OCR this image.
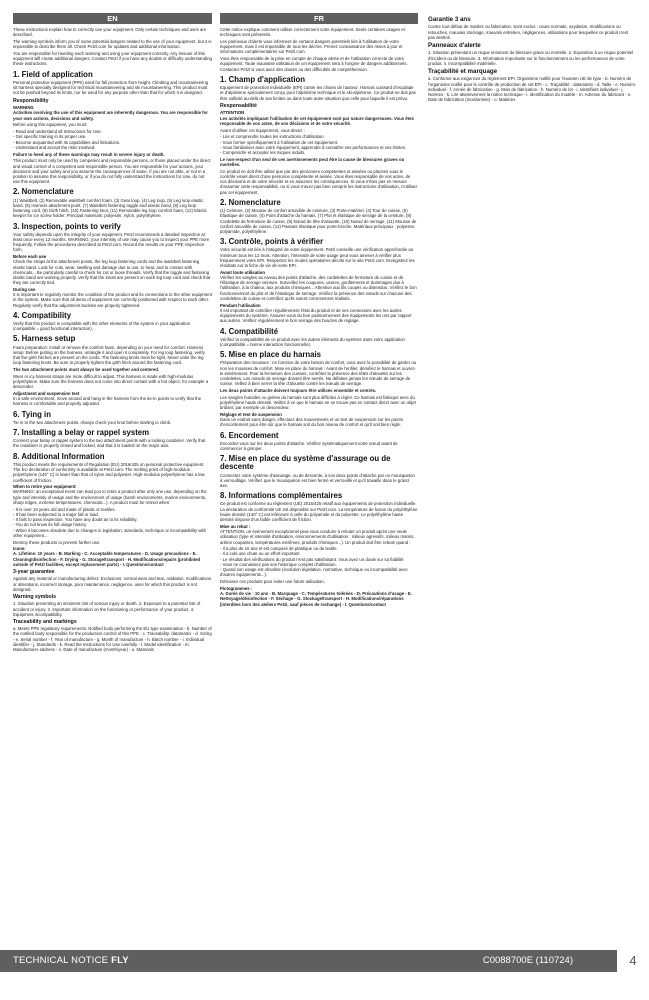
EN

These instructions explain how to correctly use your equipment. Only certain techniques and uses are described.

The warning symbols inform you of some potential dangers related to the use of your equipment, but it is impossible to describe them all. Check Petzl.com for updates and additional information.

You are responsible for heeding each warning and using your equipment correctly. Any misuse of this equipment will create additional dangers. Contact Petzl if you have any doubts or difficulty understanding these instructions.

1. Field of application

Personal protective equipment (PPE) used for fall protection from height. Climbing and mountaineering sit harness specially designed for technical mountaineering and ski mountaineering. This product must not be pushed beyond its limits, nor be used for any purpose other than that for which it is designed.

Responsibility
WARNING

Activities involving the use of this equipment are inherently dangerous. You are responsible for your own actions, decisions and safety.

Before using this equipment, you must:

- Read and understand all Instructions for Use.

- Get specific training in its proper use.

- Become acquainted with its capabilities and limitations.

- Understand and accept the risks involved.

Failure to heed any of these warnings may result in severe injury or death.

This product must only be used by competent and responsible persons, or those placed under the direct and visual control of a competent and responsible person. You are responsible for your actions, your decisions and your safety and you assume the consequences of same. If you are not able, or not in a position to assume this responsibility, or if you do not fully understand the Instructions for Use, do not use this equipment.

2. Nomenclature

(1) Waistbelt, (2) Removable waistbelt comfort foam, (3) Gear loop, (4) Leg loop, (5) Leg loop elastic band, (6) Harness attachment point, (7) Waistbelt fastening toggle and elastic band, (8) Leg loop fastening cord, (9) Girth hitch, (10) Fastening knot, (11) Removable leg loop comfort foam, (12) Elastic keeper for ice screw holder. Principal materials: polyester, nylon, polyethylene.

3. Inspection, points to verify

Your safety depends upon the integrity of your equipment. Petzl recommends a detailed inspection at least once every 12 months. WARNING: your intensity of use may cause you to inspect your PPE more frequently. Follow the procedures described at Petzl.com. Record the results on your PPE inspection form.

Before each use

Check the straps at the attachment points, the leg loop fastening cords and the waistbelt fastening elastic band. Look for cuts, wear, swelling and damage due to use, to heat, and to contact with chemicals... Be particularly careful to check for cut or loose threads. Verify that the toggle and fastening elastic band are working properly. Verify that the knots are present on each leg loop cord and check that they are correctly tied.

During use

It is important to regularly monitor the condition of the product and its connections to the other equipment in the system. Make sure that all items of equipment are correctly positioned with respect to each other. Regularly verify that the adjustment buckles are properly tightened.

4. Compatibility

Verify that this product is compatible with the other elements of the system in your application (compatible = good functional interaction).

5. Harness setup

Foam preparation: install or remove the comfort foam, depending on your need for comfort. Harness setup: Before putting on the harness, untangle it and open it completely. For leg loop fastening, verify that the girth hitches are present on the cords. The fastening knots must be tight. Never untie the leg loop fastening knots. Be sure to properly tighten the girth hitch around the fastening cord.

The two attachment points must always be used together and centered.

Wear or icy harness straps are more difficult to adjust. This harness is made with high-modulus polyethylene. Make sure the harness does not come into direct contact with a hot object, for example a descender.

Adjustment and suspension test

In a safe environment, move around and hang in the harness from the tie-in points to verify that the harness is comfortable and properly adjusted.

6. Tying in

Tie in to the two attachment points. Always check your knot before starting to climb.

7. Installing a belay or rappel system

Connect your belay or rappel system to the two attachment points with a locking carabiner. Verify that the carabiner is properly closed and locked, and that it is loaded on the major axis.

8. Additional Information

This product meets the requirements of Regulation (EU) 2016/425 on personal protective equipment. The EU declaration of conformity is available at Petzl.com. The melting point of high-modulus polyethylene (140° C) is lower than that of nylon and polyester. High-modulus polyethylene has a low coefficient of friction.

When to retire your equipment:

WARNING: an exceptional event can lead you to retire a product after only one use, depending on the type and intensity of usage and the environment of usage (harsh environments, marine environments, sharp edges, extreme temperatures, chemicals...). A product must be retired when:

- It is over 10 years old and made of plastic or textiles.

- It has been subjected to a major fall or load.

- It fails to pass inspection. You have any doubt as to its reliability.

- You do not know its full usage history.

- When it becomes obsolete due to changes in legislation, standards, technique or incompatibility with other equipment...

Destroy these products to prevent further use.

Icons:

A. Lifetime: 10 years - B. Marking - C. Acceptable temperatures - D. Usage precautions - E. Cleaning/disinfection - F. Drying - G. Storage/transport - H. Modifications/repairs (prohibited outside of Petzl facilities, except replacement parts) - I. Questions/contact

3-year guarantee

Against any material or manufacturing defect. Exclusions: normal wear and tear, oxidation, modifications or alterations, incorrect storage, poor maintenance, negligence, uses for which this product is not designed.

Warning symbols

1. Situation presenting an imminent risk of serious injury or death. 2. Exposure to a potential risk of accident or injury. 3. Important information on the functioning or performance of your product. 4. Equipment incompatibility.

Traceability and markings

a. Meets PPE regulatory requirements. Notified body performing the EU type examination - b. Number of the notified body responsible for the production control of this PPE - c. Traceability: datamatrix - d. Sizing - e. Serial number - f. Year of manufacture - g. Month of manufacture - h. Batch number - i. Individual identifier - j. Standards - k. Read the Instructions for Use carefully - l. Model identification - m. Manufacturer address - n. Date of manufacture (month/year) - o. Materials

FR

Cette notice explique comment utiliser correctement votre équipement. Seuls certaines usages et techniques sont présentés.

Les panneaux d'alerte vous informent de certains dangers potentiels liés à l'utilisation de votre équipement, mais il est impossible de tous les décrire. Prenez connaissance des mises à jour et informations complémentaires sur Petzl.com.

Vous êtes responsable de la prise en compte de chaque alerte et de l'utilisation correcte de votre équipement. Toute mauvaise utilisation de cet équipement sera à l'origine de dangers additionnels. Contactez Petzl si vous avez des doutes ou des difficultés de compréhension.

1. Champ d'application

Equipement de protection individuelle (EPI) contre les chutes de hauteur. Harnais cuissard d'escalade et d'alpinisme spécialement conçu pour l'alpinisme technique et le ski-alpinisme. Ce produit ne doit pas être sollicité au-delà de ses limites ou dans toute autre situation que celle pour laquelle il est prévu.

Responsabilité
ATTENTION

Les activités impliquant l'utilisation de cet équipement sont par nature dangereuses. Vous êtes responsable de vos actes, de vos décisions et de votre sécurité.

Avant d'utiliser cet équipement, vous devez :

- Lire et comprendre toutes les instructions d'utilisation.

- Vous former spécifiquement à l'utilisation de cet équipement.

- Vous familiariser avec votre équipement, apprendre à connaître ses performances et ses limites.

- Comprendre et accepter les risques induits.

Le non-respect d'un seul de ces avertissements peut être la cause de blessures graves ou mortelles.

Ce produit ne doit être utilisé que par des personnes compétentes et avisées ou placées sous le contrôle visuel direct d'une personne compétente et avisée. Vous êtes responsable de vos actes, de vos décisions et de votre sécurité et en assumez les conséquences. Si vous n'êtes pas en mesure d'assumer cette responsabilité, ou si vous n'avez pas bien compris les instructions d'utilisation, n'utilisez pas cet équipement.

2. Nomenclature

(1) Ceinture, (2) Mousse de confort amovible de ceinture, (3) Porte-matériel, (4) Tour de cuisse, (5) Elastique de cuisse, (6) Point d'attache du harnais, (7) Plot et élastique de serrage de la ceinture, (8) Cordelette de fermeture de cuisse, (9) Nœud de tête d'alouette, (10) Nœud de serrage, (11) Mousse de confort amovible de cuisse, (12) Passant élastique pour porte-broche. Matériaux principaux : polyester, polyamide, polyéthylène.

3. Contrôle, points à vérifier

Votre sécurité est liée à l'intégrité de votre équipement. Petzl conseille une vérification approfondie au minimum tous les 12 mois. Attention, l'intensité de votre usage peut vous amener à vérifier plus fréquemment votre EPI. Respectez les modes opératoires décrits sur le site Petzl.com. Enregistrez les résultats sur la fiche de vie de votre EPI.

Avant toute utilisation

Vérifiez les sangles au niveau des points d'attache, des cordelettes de fermeture de cuisse et de l'élastique de serrage ceinture. Surveillez les coupures, usures, gonflements et dommages dus à l'utilisation, à la chaleur, aux produits chimiques... Attention aux fils coupés ou distendus. Vérifiez le bon fonctionnement du plot et de l'élastique de serrage. Vérifiez la présence des nœuds sur chacune des cordelettes de cuisse et contrôlez qu'ils soient correctement réalisés.

Pendant l'utilisation

Il est important de contrôler régulièrement l'état du produit et de ses connexions avec les autres équipements du système. Assurez-vous du bon positionnement des équipements les uns par rapport aux autres. Vérifiez régulièrement le bon serrage des boucles de réglage.

4. Compatibilité

Vérifiez la compatibilité de ce produit avec les autres éléments du système dans votre application (compatibilité = bonne interaction fonctionnelle).

5. Mise en place du harnais

Préparation des mousses : en fonction de votre besoin de confort, vous avez la possibilité de garder ou non les mousses de confort. Mise en place du harnais : Avant de l'enfiler, démêlez le harnais et ouvrez-le entièrement. Pour la fermeture des cuisses, contrôlez la présence des têtes d'alouette sur les cordelettes. Les nœuds de serrage doivent être serrés. Ne défaites jamais les nœuds de serrage de cuisse. Veillez à bien serrer la tête d'alouette contre les nœuds de serrage.

Les deux points d'attache doivent toujours être utilisés ensemble et centrés.

Les sangles humides ou gelées du harnais sont plus difficiles à régler. Ce harnais est fabriqué avec du polyéthylène haute densité. Veillez à ce que le harnais ne se trouve pas en contact direct avec un objet brûlant, par exemple un descendeur.

Réglage et test de suspension

Dans un endroit sans danger, effectuez des mouvements et un test de suspension sur les points d'encordement pour être sûr que le harnais soit du bon niveau de confort et qu'il soit bien réglé.

6. Encordement

Encordez-vous sur les deux points d'attache. Vérifiez systématiquement votre nœud avant de commencer à grimper.

7. Mise en place du système d'assurage ou de descente

Connectez votre système d'assurage, ou de descente, à vos deux points d'attache par un mousqueton à verrouillage. Vérifiez que le mousqueton est bien fermé et verrouillé et qu'il travaille dans le grand axe.

8. Informations complémentaires

Ce produit est conforme au règlement (UE) 2016/425 relatif aux équipements de protection individuelle. La déclaration de conformité UE est disponible sur Petzl.com. La température de fusion du polyéthylène haute densité (140° C) est inférieure à celle du polyamide et du polyester. Le polyéthylène haute densité dispose d'un faible coefficient de friction.

Mise au rebut :

ATTENTION, un événement exceptionnel peut vous conduire à rebuter un produit après une seule utilisation (type et intensité d'utilisation, environnements d'utilisation : milieux agressifs, milieux marins, arêtes coupantes, températures extrêmes, produits chimiques...). Un produit doit être rebuté quand :

- Il a plus de 10 ans et est composé de plastique ou de textile.

- Il a subi une chute ou un effort important.

- Le résultat des vérifications du produit n'est pas satisfaisant. Vous avez un doute sur sa fiabilité.

- Vous ne connaissez pas son historique complet d'utilisation.

- Quand son usage est obsolète (évolution législative, normative, technique ou incompatibilité avec d'autres équipements...).

Détruisez ces produits pour éviter une future utilisation.

Pictogrammes :

A. Durée de vie : 10 ans - B. Marquage - C. Températures tolérées - D. Précautions d'usage - E. Nettoyage/désinfection - F. Séchage - G. Stockage/transport - H. Modifications/réparations (interdites hors des ateliers Petzl, sauf pièces de rechange) - I. Questions/contact

Garantie 3 ans

Contre tout défaut de matière ou fabrication. Sont exclus : usure normale, oxydation, modifications ou retouches, mauvais stockage, mauvais entretien, négligences, utilisations pour lesquelles ce produit n'est pas destiné.

Panneaux d'alerte

1. Situation présentant un risque imminent de blessure grave ou mortelle. 2. Exposition à un risque potentiel d'incident ou de blessure. 3. Information importante sur le fonctionnement ou les performances de votre produit. 4. Incompatibilité matérielle.

Traçabilité et marquage

a. Conforme aux exigences du règlement EPI. Organisme notifié pour l'examen UE de type - b. Numéro de l'organisme notifié pour le contrôle de production de cet EPI - c. Traçabilité : datamatrix - d. Taille - e. Numéro individuel - f. Année de fabrication - g. Mois de fabrication - h. Numéro de lot - i. Identifiant individuel - j. Normes - k. Lire attentivement la notice technique - l. Identification du modèle - m. Adresse du fabricant - n. Date de fabrication (mois/année) - o. Matières

TECHNICAL NOTICE FLY	C0088700E (110724)	4
